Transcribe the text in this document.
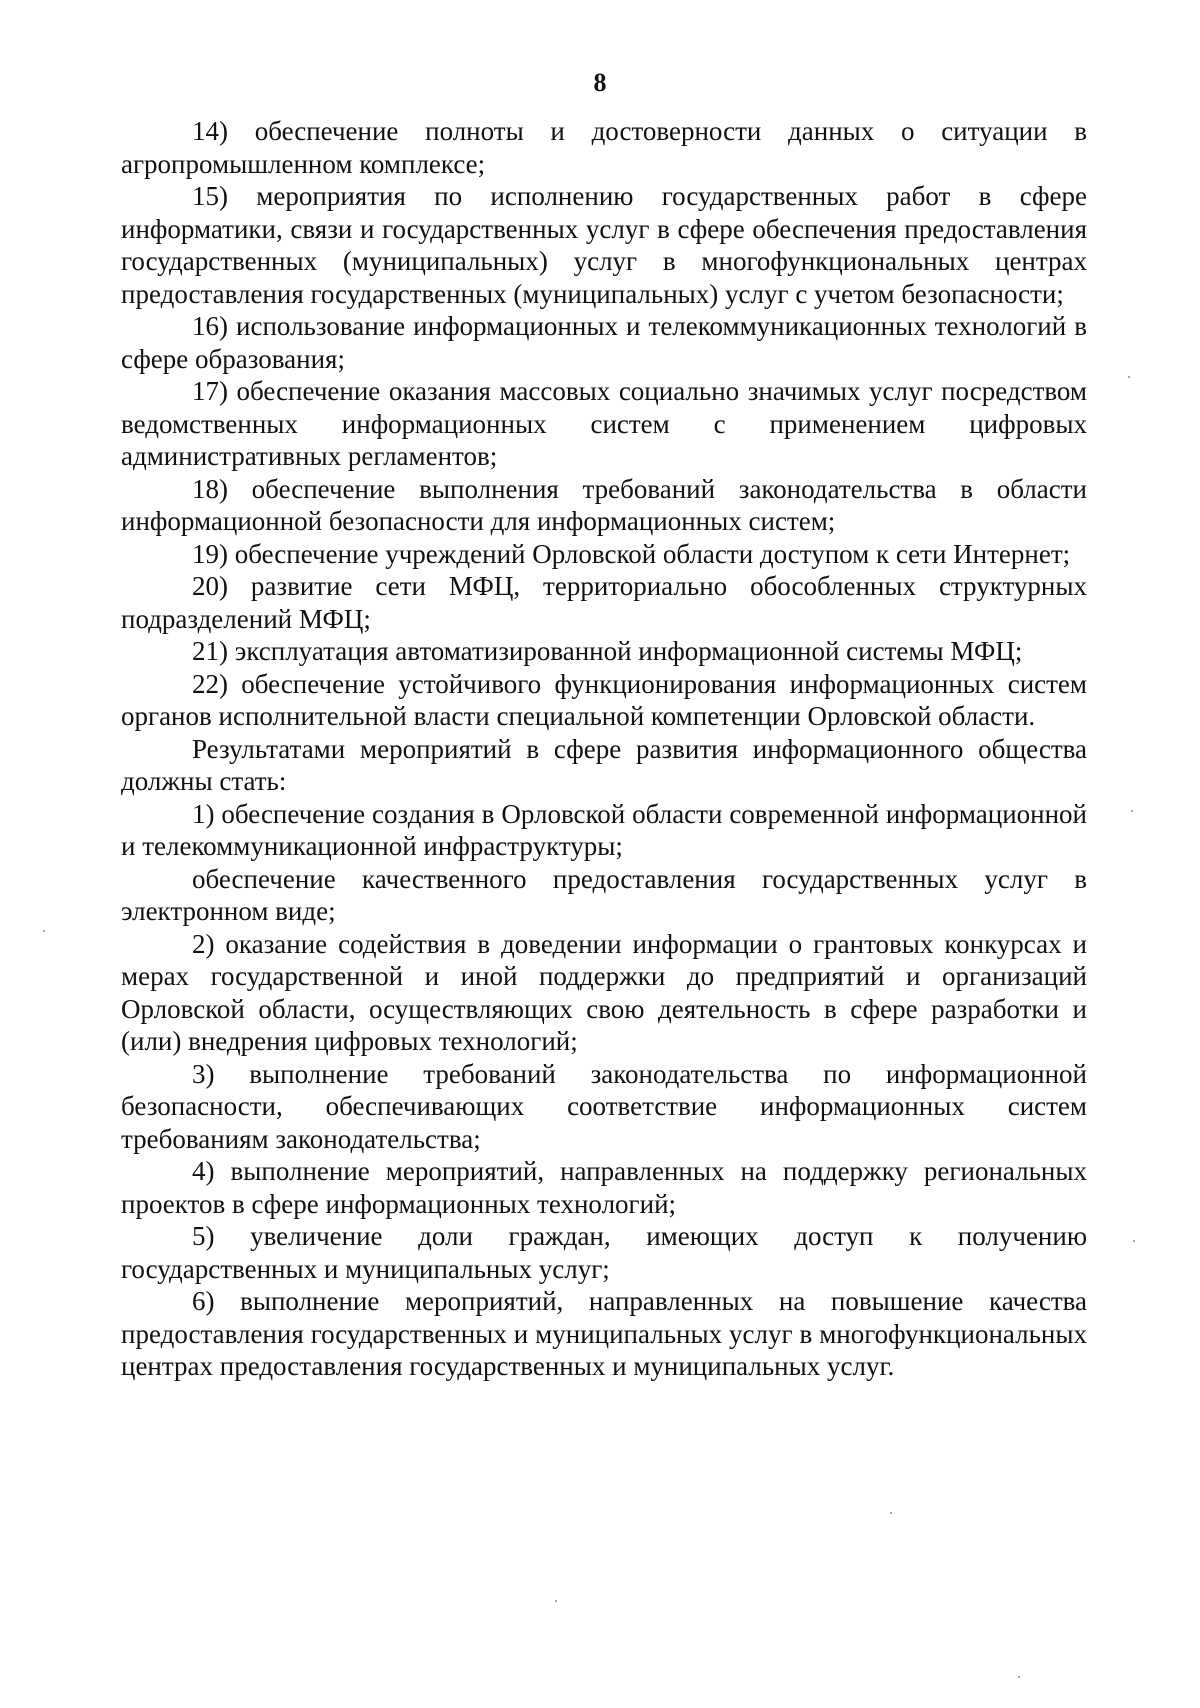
8

14) обеспечение полноты и достоверности данных о ситуации в агропромышленном комплексе;

15) мероприятия по исполнению государственных работ в сфере информатики, связи и государственных услуг в сфере обеспечения предоставления государственных (муниципальных) услуг в многофункциональных центрах предоставления государственных (муниципальных) услуг с учетом безопасности;

16) использование информационных и телекоммуникационных технологий в сфере образования;

17) обеспечение оказания массовых социально значимых услуг посредством ведомственных информационных систем с применением цифровых административных регламентов;

18) обеспечение выполнения требований законодательства в области информационной безопасности для информационных систем;

19) обеспечение учреждений Орловской области доступом к сети Интернет;

20) развитие сети МФЦ, территориально обособленных структурных подразделений МФЦ;

21) эксплуатация автоматизированной информационной системы МФЦ;

22) обеспечение устойчивого функционирования информационных систем органов исполнительной власти специальной компетенции Орловской области.

Результатами мероприятий в сфере развития информационного общества должны стать:

1) обеспечение создания в Орловской области современной информационной и телекоммуникационной инфраструктуры;

обеспечение качественного предоставления государственных услуг в электронном виде;

2) оказание содействия в доведении информации о грантовых конкурсах и мерах государственной и иной поддержки до предприятий и организаций Орловской области, осуществляющих свою деятельность в сфере разработки и (или) внедрения цифровых технологий;

3) выполнение требований законодательства по информационной безопасности, обеспечивающих соответствие информационных систем требованиям законодательства;

4) выполнение мероприятий, направленных на поддержку региональных проектов в сфере информационных технологий;

5) увеличение доли граждан, имеющих доступ к получению государственных и муниципальных услуг;

6) выполнение мероприятий, направленных на повышение качества предоставления государственных и муниципальных услуг в многофункциональных центрах предоставления государственных и муниципальных услуг.
